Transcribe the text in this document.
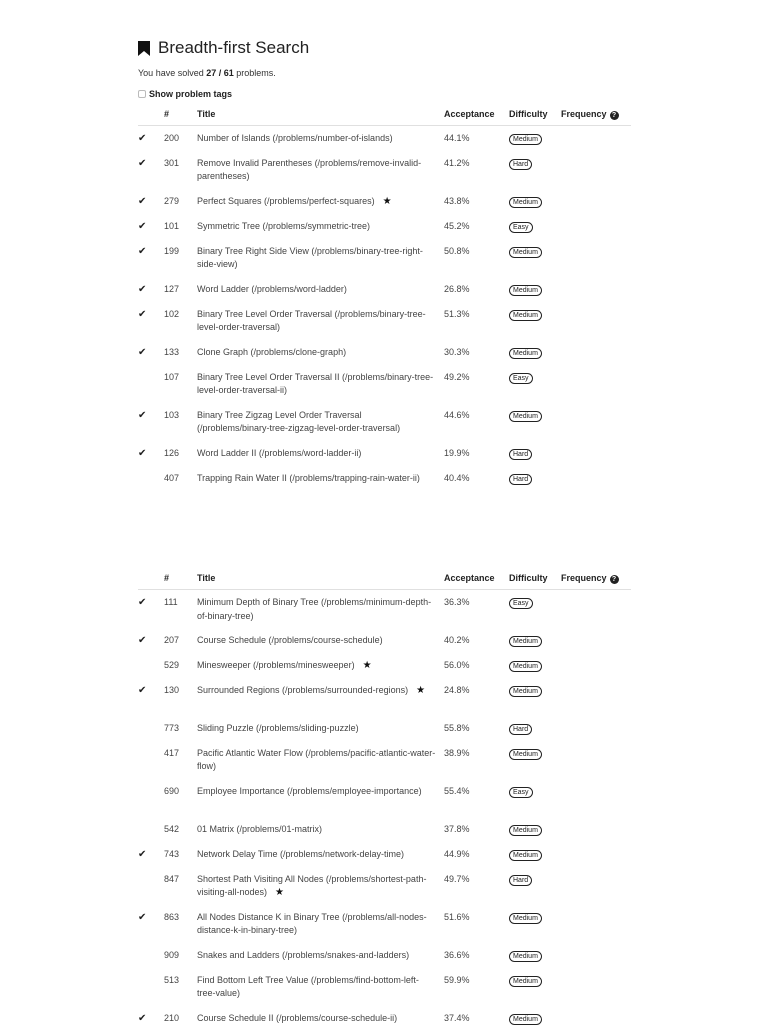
Breadth-first Search
You have solved 27 / 61 problems.
Show problem tags
	#	Title	Acceptance	Difficulty	Frequency ?
✔	200	Number of Islands (/problems/number-of-islands)	44.1%	Medium	
✔	301	Remove Invalid Parentheses (/problems/remove-invalid-parentheses)	41.2%	Hard	
✔	279	Perfect Squares (/problems/perfect-squares) ★	43.8%	Medium	
✔	101	Symmetric Tree (/problems/symmetric-tree)	45.2%	Easy	
✔	199	Binary Tree Right Side View (/problems/binary-tree-right-side-view)	50.8%	Medium	
✔	127	Word Ladder (/problems/word-ladder)	26.8%	Medium	
✔	102	Binary Tree Level Order Traversal (/problems/binary-tree-level-order-traversal)	51.3%	Medium	
✔	133	Clone Graph (/problems/clone-graph)	30.3%	Medium	
	107	Binary Tree Level Order Traversal II (/problems/binary-tree-level-order-traversal-ii)	49.2%	Easy	
✔	103	Binary Tree Zigzag Level Order Traversal (/problems/binary-tree-zigzag-level-order-traversal)	44.6%	Medium	
✔	126	Word Ladder II (/problems/word-ladder-ii)	19.9%	Hard	
	407	Trapping Rain Water II (/problems/trapping-rain-water-ii)	40.4%	Hard	
	#	Title	Acceptance	Difficulty	Frequency ?
✔	111	Minimum Depth of Binary Tree (/problems/minimum-depth-of-binary-tree)	36.3%	Easy	
✔	207	Course Schedule (/problems/course-schedule)	40.2%	Medium	
	529	Minesweeper (/problems/minesweeper) ★	56.0%	Medium	
✔	130	Surrounded Regions (/problems/surrounded-regions) ★	24.8%	Medium	
	773	Sliding Puzzle (/problems/sliding-puzzle)	55.8%	Hard	
	417	Pacific Atlantic Water Flow (/problems/pacific-atlantic-water-flow)	38.9%	Medium	
	690	Employee Importance (/problems/employee-importance)	55.4%	Easy	
	542	01 Matrix (/problems/01-matrix)	37.8%	Medium	
✔	743	Network Delay Time (/problems/network-delay-time)	44.9%	Medium	
	847	Shortest Path Visiting All Nodes (/problems/shortest-path-visiting-all-nodes) ★	49.7%	Hard	
✔	863	All Nodes Distance K in Binary Tree (/problems/all-nodes-distance-k-in-binary-tree)	51.6%	Medium	
	909	Snakes and Ladders (/problems/snakes-and-ladders)	36.6%	Medium	
	513	Find Bottom Left Tree Value (/problems/find-bottom-left-tree-value)	59.9%	Medium	
✔	210	Course Schedule II (/problems/course-schedule-ii)	37.4%	Medium	
